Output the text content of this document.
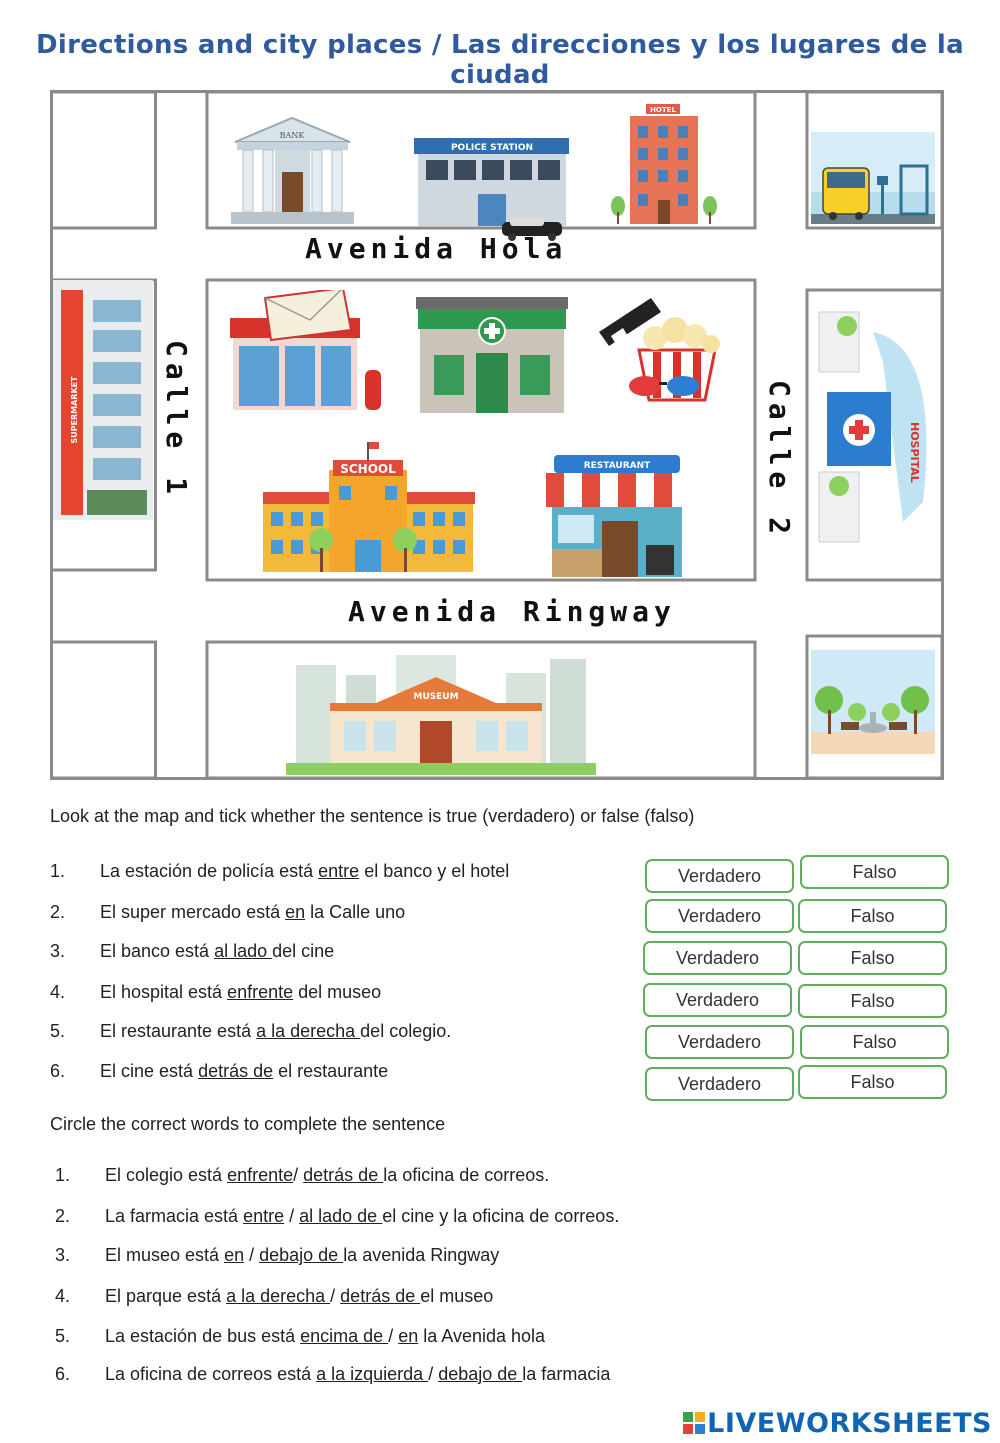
Directions and city places / Las direcciones y los lugares de la ciudad
BANK
POLICE STATION
HOTEL
SUPERMARKET
HOSPITAL
SCHOOL	RESTAURANT
MUSEUM
Avenida Hola
Avenida Ringway
Calle 1	Calle 2
Look at the map and tick whether the sentence is true (verdadero) or false (falso)
1. La estación de policía está entre el banco y el hotel
2. El super mercado está en la Calle uno
3. El banco está al lado del cine
4. El hospital está enfrente del museo
5. El restaurante está a la derecha del colegio.
6. El cine está detrás de el restaurante
Verdadero	Falso
Verdadero	Falso
Verdadero	Falso
Verdadero	Falso
Verdadero	Falso
Verdadero	Falso
Circle the correct words to complete the sentence
1. El colegio está enfrente/ detrás de la oficina de correos.
2. La farmacia está entre / al lado de el cine y la oficina de correos.
3. El museo está en / debajo de la avenida Ringway
4. El parque está a la derecha / detrás de el museo
5. La estación de bus está encima de / en la Avenida hola
6. La oficina de correos está a la izquierda / debajo de la farmacia
LIVEWORKSHEETS
